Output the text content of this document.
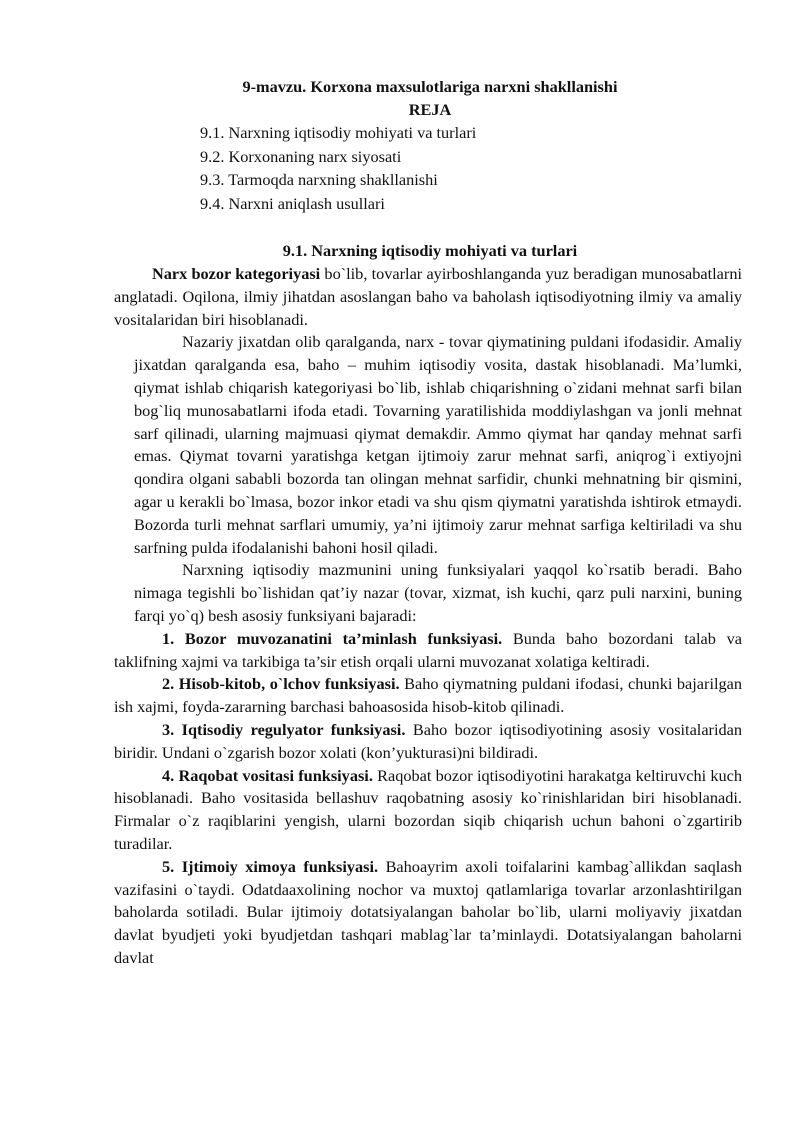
9-mavzu. Korxona maxsulotlariga narxni shakllanishi
REJA
9.1. Narxning iqtisodiy mohiyati va turlari
9.2. Korxonaning narx siyosati
9.3. Tarmoqda narxning shakllanishi
9.4. Narxni aniqlash usullari
9.1. Narxning iqtisodiy mohiyati va turlari

Narx bozor kategoriyasi bo`lib, tovarlar ayirboshlanganda yuz beradigan munosabatlarni anglatadi. Oqilona, ilmiy jihatdan asoslangan baho va baholash iqtisodiyotning ilmiy va amaliy vositalaridan biri hisoblanadi.

Nazariy jixatdan olib qaralganda, narx - tovar qiymatining puldani ifodasidir. Amaliy jixatdan qaralganda esa, baho – muhim iqtisodiy vosita, dastak hisoblanadi. Ma’lumki, qiymat ishlab chiqarish kategoriyasi bo`lib, ishlab chiqarishning o`zidani mehnat sarfi bilan bog`liq munosabatlarni ifoda etadi. Tovarning yaratilishida moddiylashgan va jonli mehnat sarf qilinadi, ularning majmuasi qiymat demakdir. Ammo qiymat har qanday mehnat sarfi emas. Qiymat tovarni yaratishga ketgan ijtimoiy zarur mehnat sarfi, aniqrog`i extiyojni qondira olgani sababli bozorda tan olingan mehnat sarfidir, chunki mehnatning bir qismini, agar u kerakli bo`lmasa, bozor inkor etadi va shu qism qiymatni yaratishda ishtirok etmaydi. Bozorda turli mehnat sarflari umumiy, ya’ni ijtimoiy zarur mehnat sarfiga keltiriladi va shu sarfning pulda ifodalanishi bahoni hosil qiladi.

Narxning iqtisodiy mazmunini uning funksiyalari yaqqol ko`rsatib beradi. Baho nimaga tegishli bo`lishidan qat’iy nazar (tovar, xizmat, ish kuchi, qarz puli narxini, buning farqi yo`q) besh asosiy funksiyani bajaradi:

1. Bozor muvozanatini ta’minlash funksiyasi. Bunda baho bozordani talab va taklifning xajmi va tarkibiga ta’sir etish orqali ularni muvozanat xolatiga keltiradi.

2. Hisob-kitob, o`lchov funksiyasi. Baho qiymatning puldani ifodasi, chunki bajarilgan ish xajmi, foyda-zararning barchasi bahoasosida hisob-kitob qilinadi.

3. Iqtisodiy regulyator funksiyasi. Baho bozor iqtisodiyotining asosiy vositalaridan biridir. Undani o`zgarish bozor xolati (kon’yukturasi)ni bildiradi.

4. Raqobat vositasi funksiyasi. Raqobat bozor iqtisodiyotini harakatga keltiruvchi kuch hisoblanadi. Baho vositasida bellashuv raqobatning asosiy ko`rinishlaridan biri hisoblanadi. Firmalar o`z raqiblarini yengish, ularni bozordan siqib chiqarish uchun bahoni o`zgartirib turadilar.

5. Ijtimoiy ximoya funksiyasi. Bahoayrim axoli toifalarini kambag`allikdan saqlash vazifasini o`taydi. Odatdaaxolining nochor va muxtoj qatlamlariga tovarlar arzonlashtirilgan baholarda sotiladi. Bular ijtimoiy dotatsiyalangan baholar bo`lib, ularni moliyaviy jixatdan davlat byudjeti yoki byudjetdan tashqari mablag`lar ta’minlaydi. Dotatsiyalangan baholarni davlat
